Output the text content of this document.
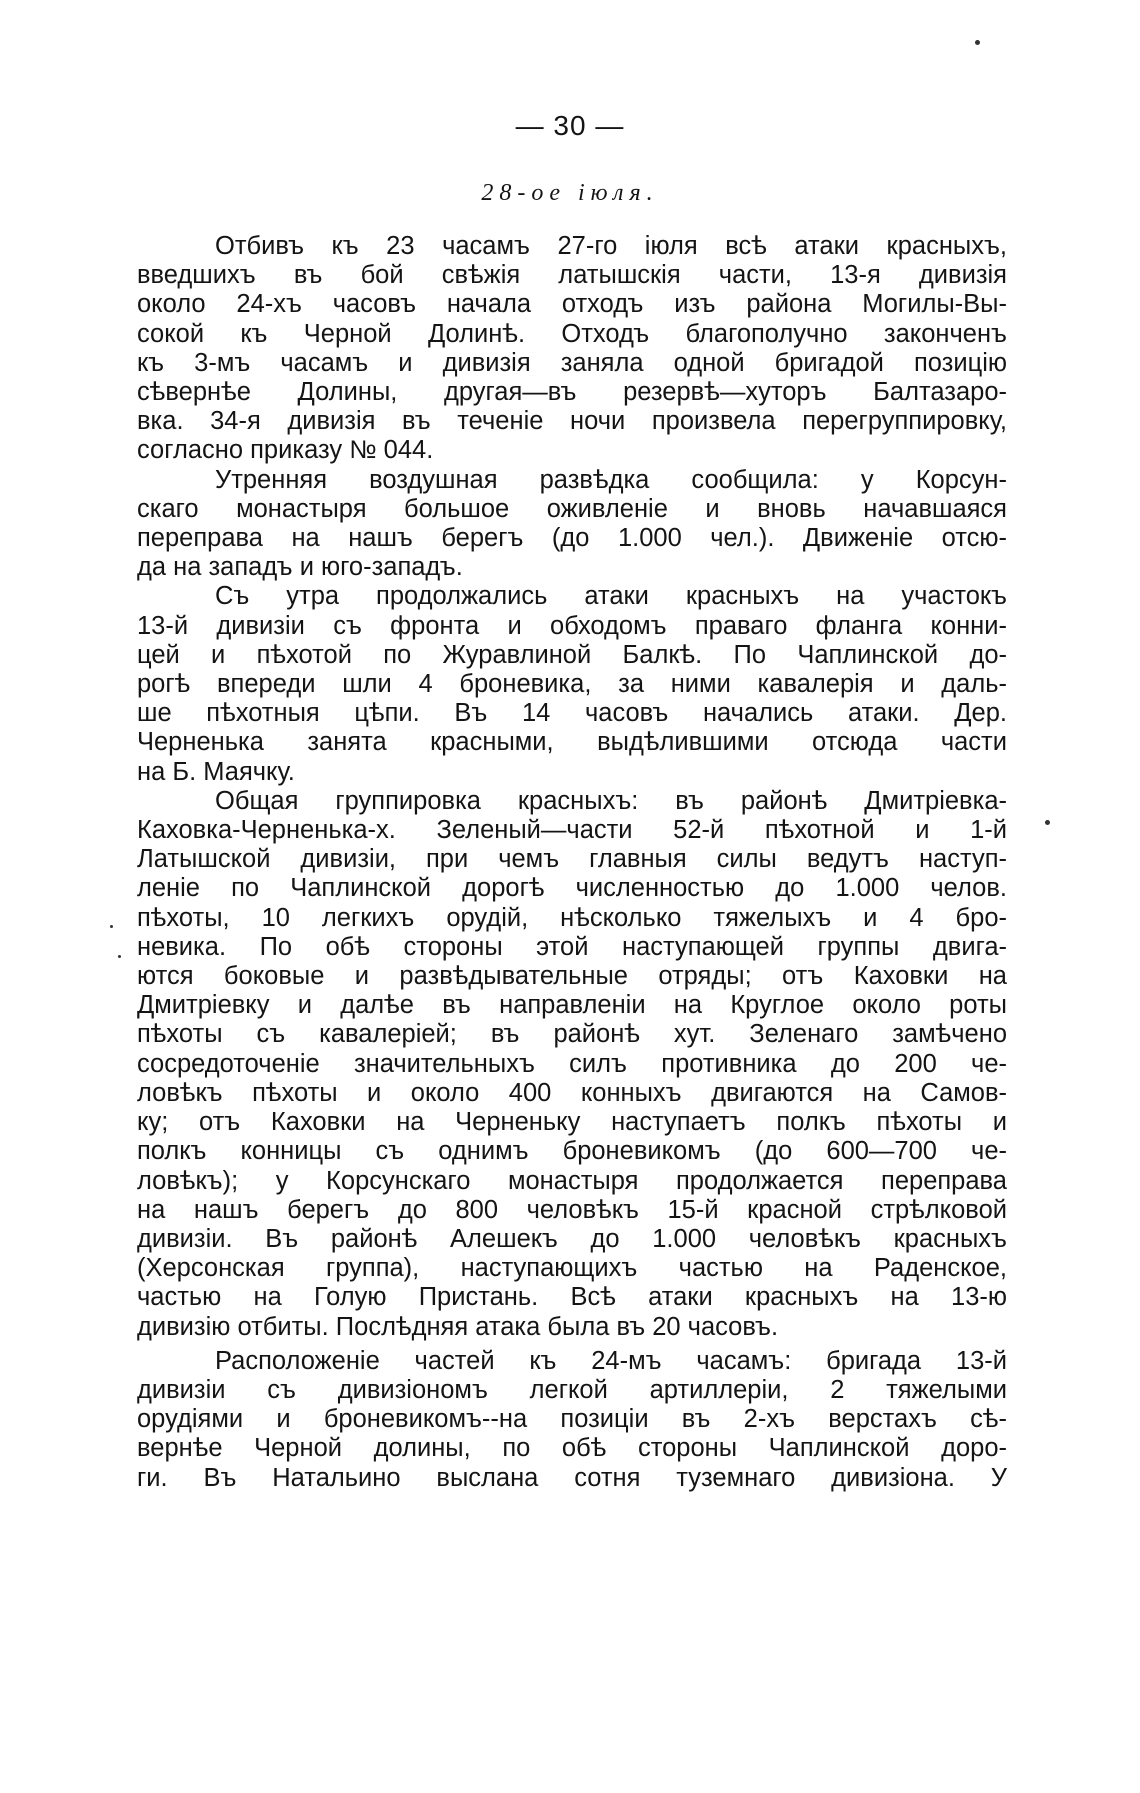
— 30 —
28-ое іюля.
Отбивъ къ 23 часамъ 27-го іюля всѣ атаки красныхъ,
введшихъ въ бой свѣжія латышскія части, 13-я дивизія
около 24-хъ часовъ начала отходъ изъ района Могилы-Вы-
сокой къ Черной Долинѣ. Отходъ благополучно законченъ
къ 3-мъ часамъ и дивизія заняла одной бригадой позицію
сѣвернѣе Долины, другая—въ резервѣ—хуторъ Балтазаро-
вка. 34-я дивизія въ теченіе ночи произвела перегруппировку,
согласно приказу № 044.
Утренняя воздушная развѣдка сообщила: у Корсун-
скаго монастыря большое оживленіе и вновь начавшаяся
переправа на нашъ берегъ (до 1.000 чел.). Движеніе отсю-
да на западъ и юго-западъ.
Съ утра продолжались атаки красныхъ на участокъ
13-й дивизіи съ фронта и обходомъ праваго фланга конни-
цей и пѣхотой по Журавлиной Балкѣ. По Чаплинской до-
рогѣ впереди шли 4 броневика, за ними кавалерія и даль-
ше пѣхотныя цѣпи. Въ 14 часовъ начались атаки. Дер.
Черненька занята красными, выдѣлившими отсюда части
на Б. Маячку.
Общая группировка красныхъ: въ районѣ Дмитріевка-
Каховка-Черненька-х. Зеленый—части 52-й пѣхотной и 1-й
Латышской дивизіи, при чемъ главныя силы ведутъ наступ-
леніе по Чаплинской дорогѣ численностью до 1.000 челов.
пѣхоты, 10 легкихъ орудій, нѣсколько тяжелыхъ и 4 бро-
невика. По обѣ стороны этой наступающей группы двига-
ются боковые и развѣдывательные отряды; отъ Каховки на
Дмитріевку и далѣе въ направленіи на Круглое около роты
пѣхоты съ кавалеріей; въ районѣ хут. Зеленаго замѣчено
сосредоточеніе значительныхъ силъ противника до 200 че-
ловѣкъ пѣхоты и около 400 конныхъ двигаются на Самов-
ку; отъ Каховки на Черненьку наступаетъ полкъ пѣхоты и
полкъ конницы съ однимъ броневикомъ (до 600—700 че-
ловѣкъ); у Корсунскаго монастыря продолжается переправа
на нашъ берегъ до 800 человѣкъ 15-й красной стрѣлковой
дивизіи. Въ районѣ Алешекъ до 1.000 человѣкъ красныхъ
(Херсонская группа), наступающихъ частью на Раденское,
частью на Голую Пристань. Всѣ атаки красныхъ на 13-ю
дивизію отбиты. Послѣдняя атака была въ 20 часовъ.
Расположеніе частей къ 24-мъ часамъ: бригада 13-й
дивизіи съ дивизіономъ легкой артиллеріи, 2 тяжелыми
орудіями и броневикомъ--на позиціи въ 2-хъ верстахъ сѣ-
вернѣе Черной долины, по обѣ стороны Чаплинской доро-
ги. Въ Натальино выслана сотня туземнаго дивизіона. У
